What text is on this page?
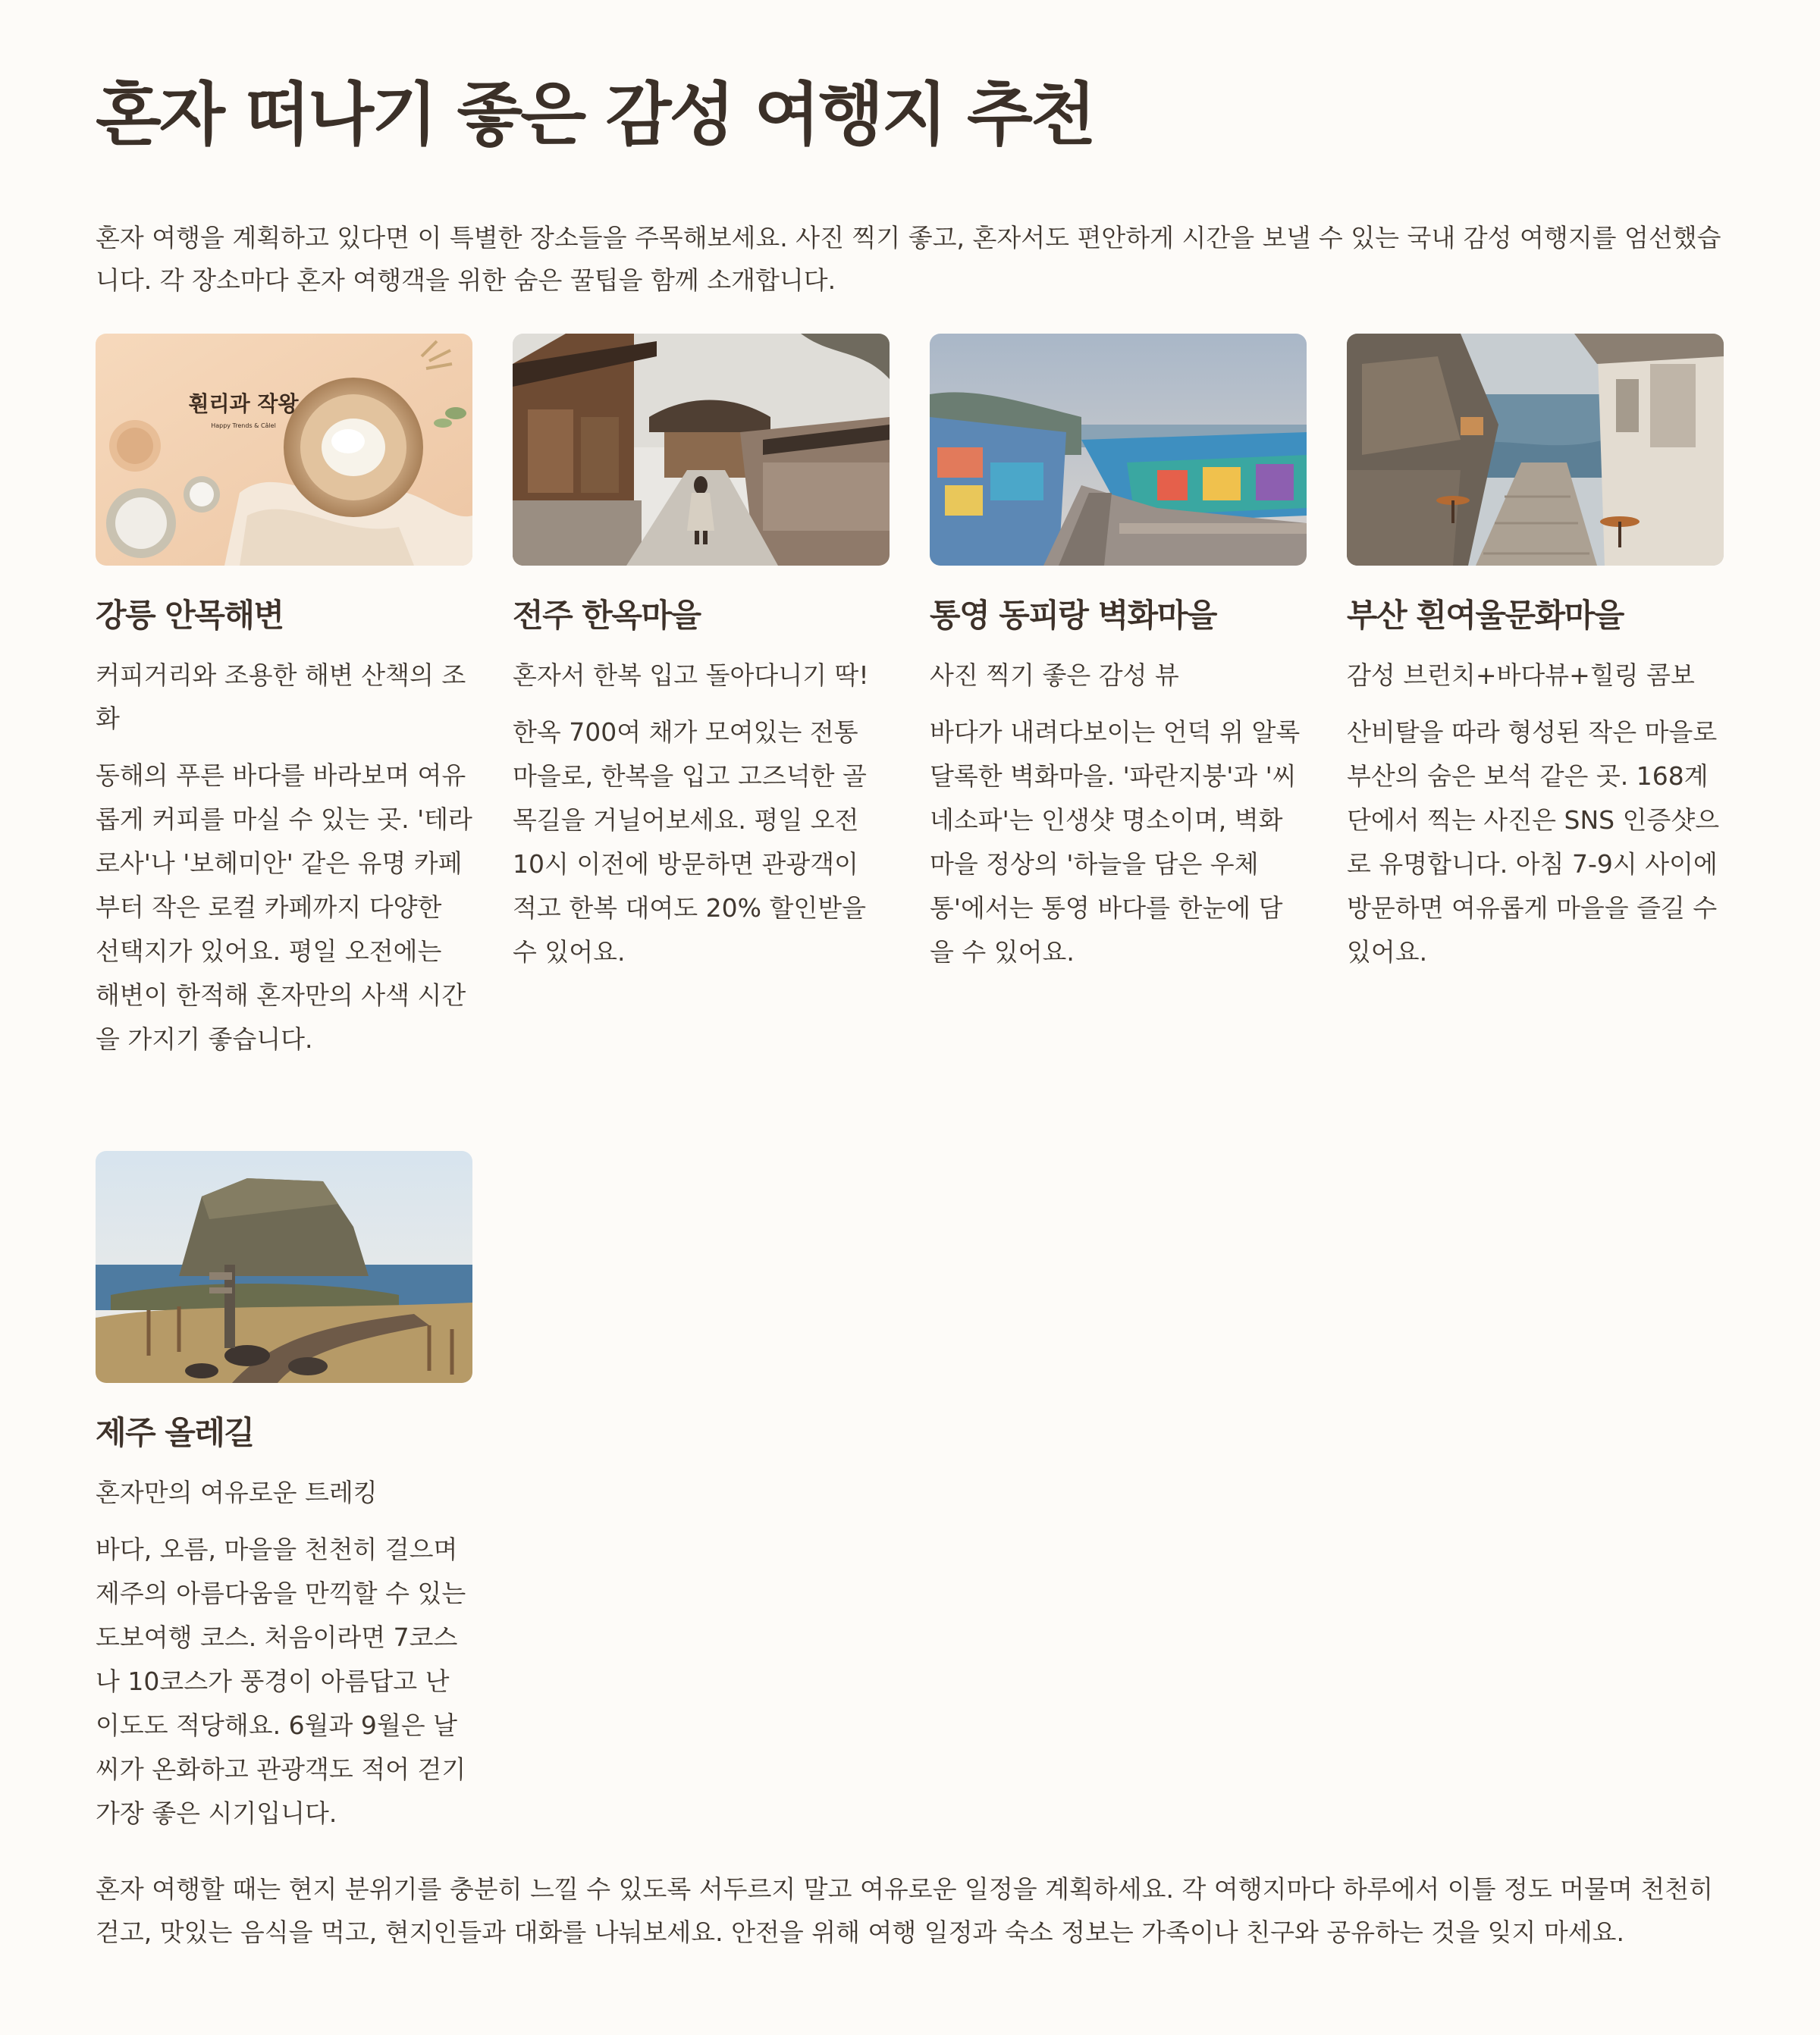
혼자 떠나기 좋은 감성 여행지 추천

혼자 여행을 계획하고 있다면 이 특별한 장소들을 주목해보세요. 사진 찍기 좋고, 혼자서도 편안하게 시간을 보낼 수 있는 국내 감성 여행지를 엄선했습니다. 각 장소마다 혼자 여행객을 위한 숨은 꿀팁을 함께 소개합니다.

훤리과 작왕
Happy Trends & Câlel
강릉 안목해변

커피거리와 조용한 해변 산책의 조화

동해의 푸른 바다를 바라보며 여유롭게 커피를 마실 수 있는 곳. '테라로사'나 '보헤미안' 같은 유명 카페부터 작은 로컬 카페까지 다양한 선택지가 있어요. 평일 오전에는 해변이 한적해 혼자만의 사색 시간을 가지기 좋습니다.

전주 한옥마을

혼자서 한복 입고 돌아다니기 딱!

한옥 700여 채가 모여있는 전통 마을로, 한복을 입고 고즈넉한 골목길을 거닐어보세요. 평일 오전 10시 이전에 방문하면 관광객이 적고 한복 대여도 20% 할인받을 수 있어요.

통영 동피랑 벽화마을

사진 찍기 좋은 감성 뷰

바다가 내려다보이는 언덕 위 알록달록한 벽화마을. '파란지붕'과 '씨네소파'는 인생샷 명소이며, 벽화마을 정상의 '하늘을 담은 우체통'에서는 통영 바다를 한눈에 담을 수 있어요.

부산 흰여울문화마을

감성 브런치+바다뷰+힐링 콤보

산비탈을 따라 형성된 작은 마을로 부산의 숨은 보석 같은 곳. 168계단에서 찍는 사진은 SNS 인증샷으로 유명합니다. 아침 7-9시 사이에 방문하면 여유롭게 마을을 즐길 수 있어요.

제주 올레길

혼자만의 여유로운 트레킹

바다, 오름, 마을을 천천히 걸으며 제주의 아름다움을 만끽할 수 있는 도보여행 코스. 처음이라면 7코스나 10코스가 풍경이 아름답고 난이도도 적당해요. 6월과 9월은 날씨가 온화하고 관광객도 적어 걷기 가장 좋은 시기입니다.

혼자 여행할 때는 현지 분위기를 충분히 느낄 수 있도록 서두르지 말고 여유로운 일정을 계획하세요. 각 여행지마다 하루에서 이틀 정도 머물며 천천히 걷고, 맛있는 음식을 먹고, 현지인들과 대화를 나눠보세요. 안전을 위해 여행 일정과 숙소 정보는 가족이나 친구와 공유하는 것을 잊지 마세요.
